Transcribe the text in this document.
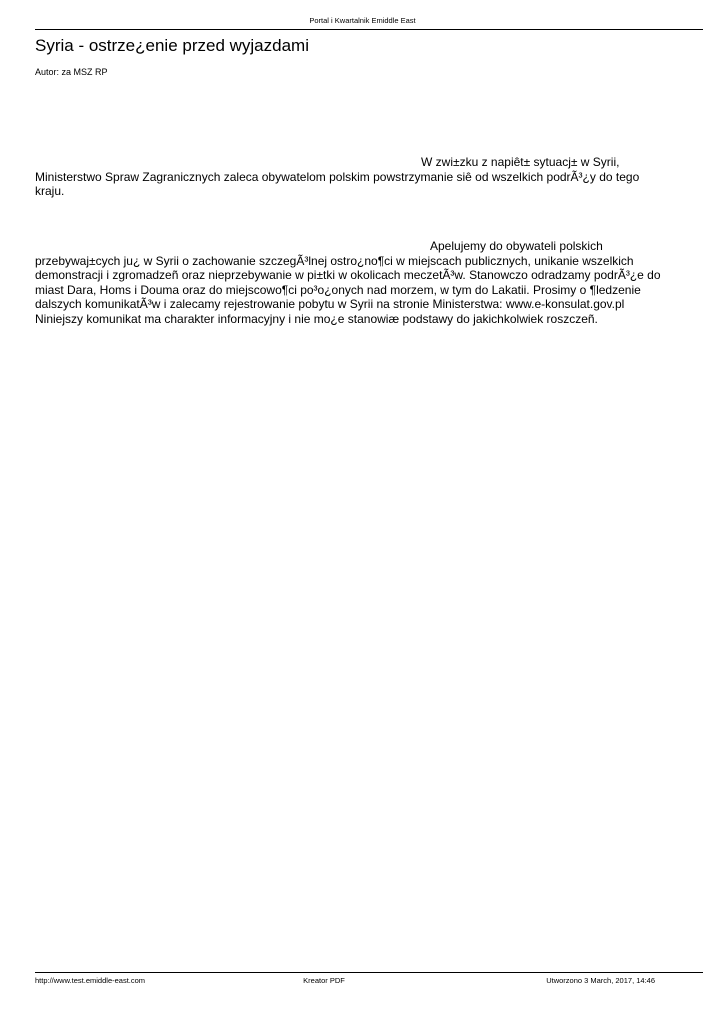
Portal i Kwartalnik Emiddle East
Syria - ostrze¿enie przed wyjazdami
Autor: za MSZ RP
W zwi±zku z napiêt± sytuacj± w Syrii,
Ministerstwo Spraw Zagranicznych zaleca obywatelom polskim powstrzymanie siê od wszelkich podrÃ³¿y do tego
kraju.
Apelujemy do obywateli polskich
przebywaj±cych ju¿ w Syrii o zachowanie szczegÃ³lnej ostro¿no¶ci w miejscach publicznych, unikanie wszelkich
demonstracji i zgromadzeñ oraz nieprzebywanie w pi±tki w okolicach meczetÃ³w. Stanowczo odradzamy podrÃ³¿e do
miast Dara, Homs i Douma oraz do miejscowo¶ci po³o¿onych nad morzem, w tym do Lakatii. Prosimy o ¶ledzenie
dalszych komunikatÃ³w i zalecamy rejestrowanie pobytu w Syrii na stronie Ministerstwa: www.e-konsulat.gov.pl
Niniejszy komunikat ma charakter informacyjny i nie mo¿e stanowiæ podstawy do jakichkolwiek roszczeñ.
http://www.test.emiddle-east.com	Kreator PDF	Utworzono 3 March, 2017, 14:46
